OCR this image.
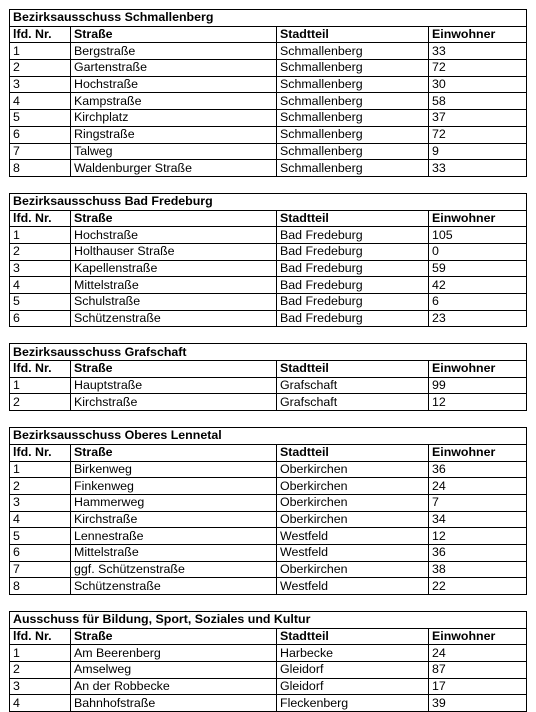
Bezirksausschuss Schmallenberg			
lfd. Nr.	Straße	Stadtteil	Einwohner
1	Bergstraße	Schmallenberg	33
2	Gartenstraße	Schmallenberg	72
3	Hochstraße	Schmallenberg	30
4	Kampstraße	Schmallenberg	58
5	Kirchplatz	Schmallenberg	37
6	Ringstraße	Schmallenberg	72
7	Talweg	Schmallenberg	9
8	Waldenburger Straße	Schmallenberg	33
Bezirksausschuss Bad Fredeburg			
lfd. Nr.	Straße	Stadtteil	Einwohner
1	Hochstraße	Bad Fredeburg	105
2	Holthauser Straße	Bad Fredeburg	0
3	Kapellenstraße	Bad Fredeburg	59
4	Mittelstraße	Bad Fredeburg	42
5	Schulstraße	Bad Fredeburg	6
6	Schützenstraße	Bad Fredeburg	23
Bezirksausschuss Grafschaft			
lfd. Nr.	Straße	Stadtteil	Einwohner
1	Hauptstraße	Grafschaft	99
2	Kirchstraße	Grafschaft	12
Bezirksausschuss Oberes Lennetal			
lfd. Nr.	Straße	Stadtteil	Einwohner
1	Birkenweg	Oberkirchen	36
2	Finkenweg	Oberkirchen	24
3	Hammerweg	Oberkirchen	7
4	Kirchstraße	Oberkirchen	34
5	Lennestraße	Westfeld	12
6	Mittelstraße	Westfeld	36
7	ggf. Schützenstraße	Oberkirchen	38
8	Schützenstraße	Westfeld	22
Ausschuss für Bildung, Sport, Soziales und Kultur			
lfd. Nr.	Straße	Stadtteil	Einwohner
1	Am Beerenberg	Harbecke	24
2	Amselweg	Gleidorf	87
3	An der Robbecke	Gleidorf	17
4	Bahnhofstraße	Fleckenberg	39
